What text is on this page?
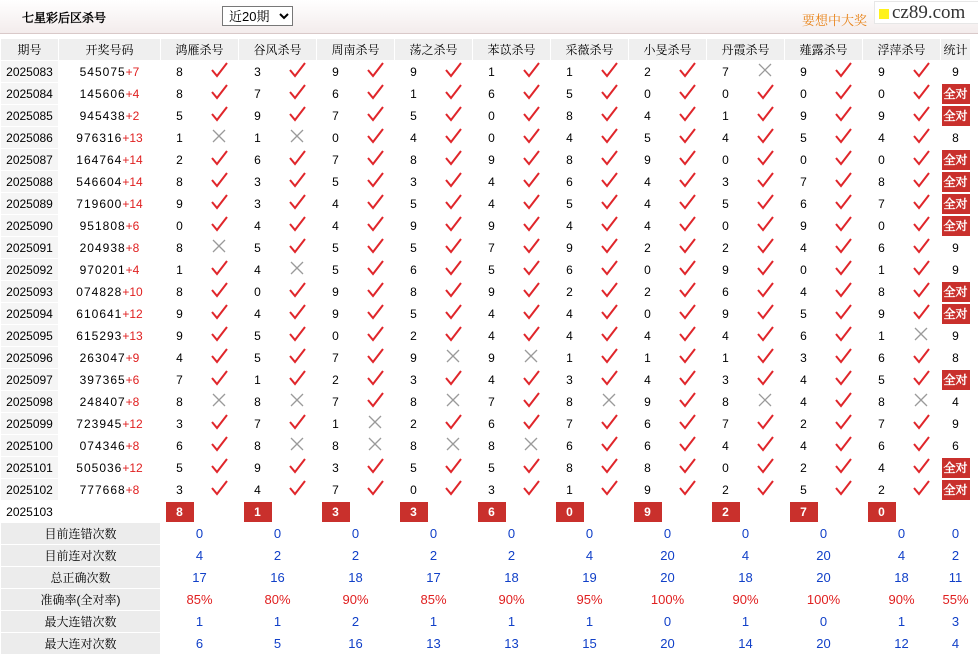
七星彩后区杀号
近20期	要想中大奖	cz89.com
期号	开奖号码	鸿雁杀号		谷风杀号		周南杀号		荡之杀号		苯苡杀号		采薇杀号		小旻杀号		丹霞杀号		薤露杀号		浮萍杀号		统计
2025083	545075+7	8		3		9		9		1		1		2		7		9		9		9
2025084	145606+4	8		7		6		1		6		5		0		0		0		0		全对
2025085	945438+2	5		9		7		5		0		8		4		1		9		9		全对
2025086	976316+13	1		1		0		4		0		4		5		4		5		4		8
2025087	164764+14	2		6		7		8		9		8		9		0		0		0		全对
2025088	546604+14	8		3		5		3		4		6		4		3		7		8		全对
2025089	719600+14	9		3		4		5		4		5		4		5		6		7		全对
2025090	951808+6	0		4		4		9		9		4		4		0		9		0		全对
2025091	204938+8	8		5		5		5		7		9		2		2		4		6		9
2025092	970201+4	1		4		5		6		5		6		0		9		0		1		9
2025093	074828+10	8		0		9		8		9		2		2		6		4		8		全对
2025094	610641+12	9		4		9		5		4		4		0		9		5		9		全对
2025095	615293+13	9		5		0		2		4		4		4		4		6		1		9
2025096	263047+9	4		5		7		9		9		1		1		1		3		6		8
2025097	397365+6	7		1		2		3		4		3		4		3		4		5		全对
2025098	248407+8	8		8		7		8		7		8		9		8		4		8		4
2025099	723945+12	3		7		1		2		6		7		6		7		2		7		9
2025100	074346+8	6		8		8		8		8		6		6		4		4		6		6
2025101	505036+12	5		9		3		5		5		8		8		0		2		4		全对
2025102	777668+8	3		4		7		0		3		1		9		2		5		2		全对
2025103	当前期杀号	8		1		3		3		6		0		9		2		7		0		
目前连错次数		0		0		0		0		0		0		0		0		0		0		0
目前连对次数		4		2		2		2		2		4		20		4		20		4		2
总正确次数		17		16		18		17		18		19		20		18		20		18		11
准确率(全对率)		85%		80%		90%		85%		90%		95%		100%		90%		100%		90%		55%
最大连错次数		1		1		2		1		1		1		0		1		0		1		3
最大连对次数		6		5		16		13		13		15		20		14		20		12		4
